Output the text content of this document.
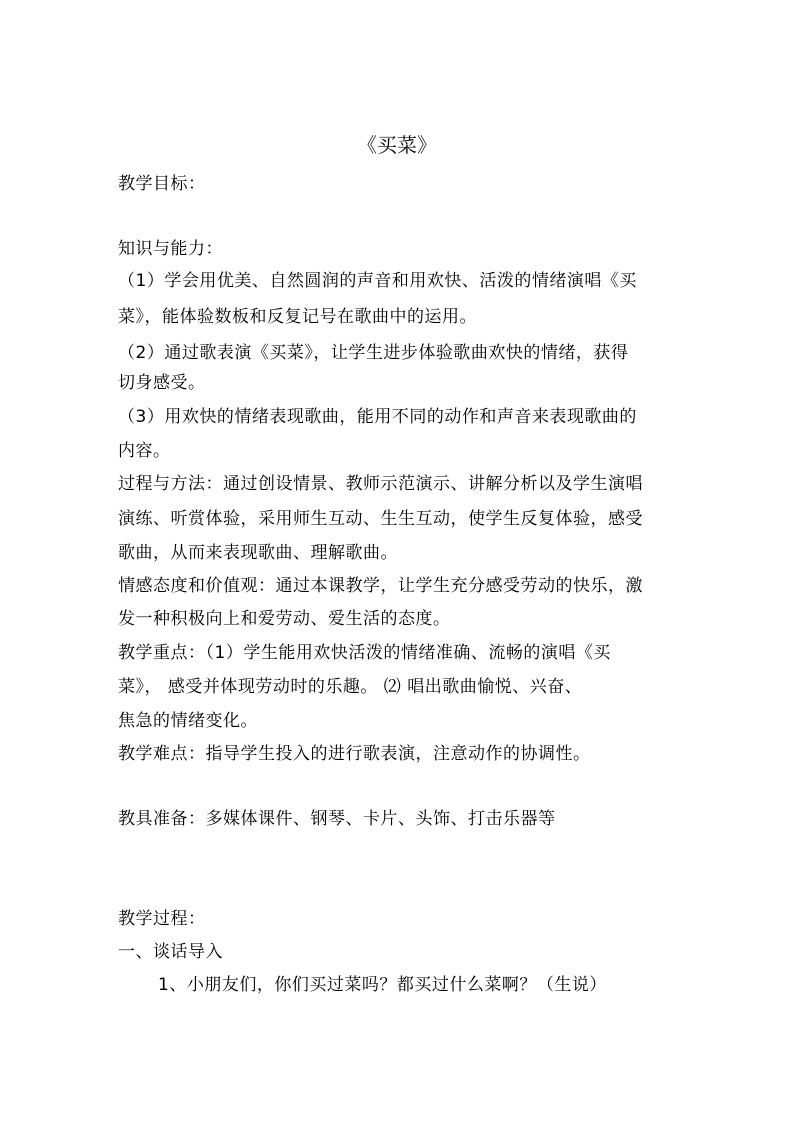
《买菜》
教学目标：
知识与能力：
（1）学会用优美、自然圆润的声音和用欢快、活泼的情绪演唱《买
菜》，能体验数板和反复记号在歌曲中的运用。
（2）通过歌表演《买菜》，让学生进步体验歌曲欢快的情绪，获得
切身感受。
（3）用欢快的情绪表现歌曲，能用不同的动作和声音来表现歌曲的
内容。
过程与方法：通过创设情景、教师示范演示、讲解分析以及学生演唱
演练、听赏体验，采用师生互动、生生互动，使学生反复体验，感受
歌曲，从而来表现歌曲、理解歌曲。
情感态度和价值观：通过本课教学，让学生充分感受劳动的快乐，激
发一种积极向上和爱劳动、爱生活的态度。
教学重点：（1）学生能用欢快活泼的情绪准确、流畅的演唱《买
菜》， 感受并体现劳动时的乐趣。 ⑵ 唱出歌曲愉悦、兴奋、
焦急的情绪变化。
教学难点：指导学生投入的进行歌表演，注意动作的协调性。
教具准备：多媒体课件、钢琴、卡片、头饰、打击乐器等
教学过程：
一、谈话导入
1、小朋友们，你们买过菜吗？都买过什么菜啊？（生说）
